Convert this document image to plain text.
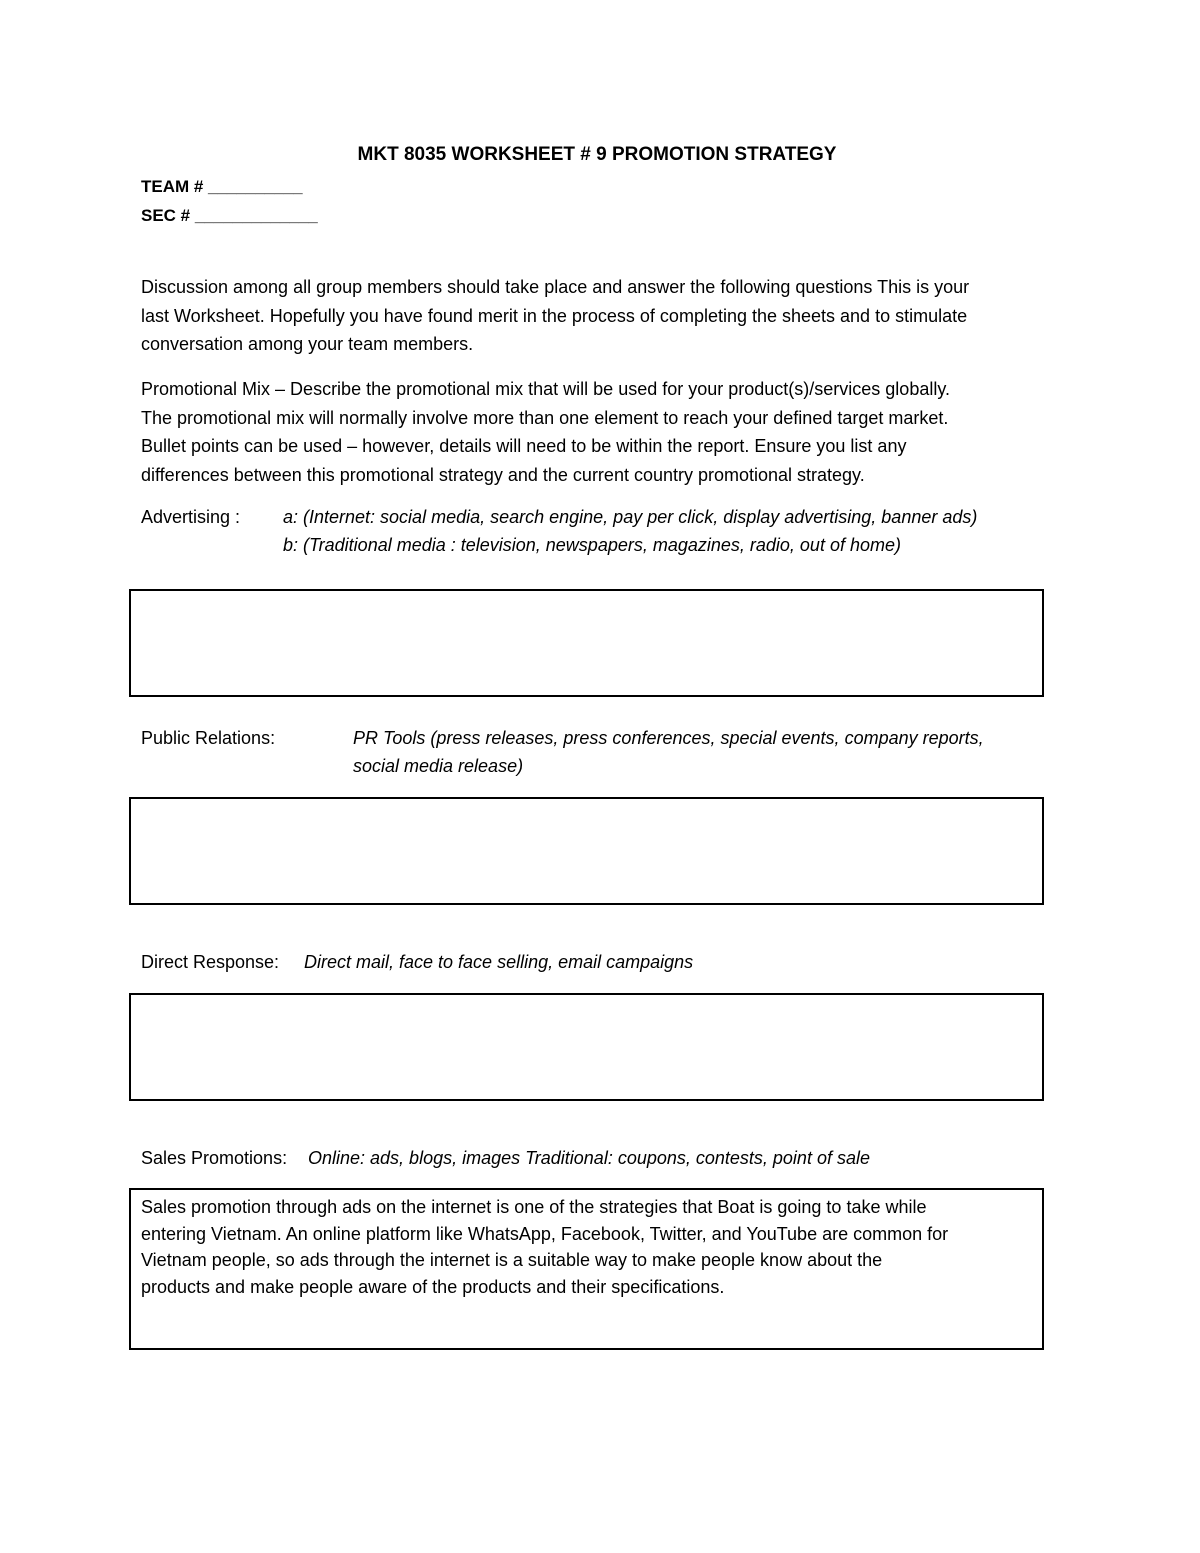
MKT 8035 WORKSHEET # 9 PROMOTION STRATEGY
TEAM # __________
SEC # _____________
Discussion among all group members should take place and answer the following questions This is your
last Worksheet. Hopefully you have found merit in the process of completing the sheets and to stimulate
conversation among your team members.
Promotional Mix – Describe the promotional mix that will be used for your product(s)/services globally.
The promotional mix will normally involve more than one element to reach your defined target market.
Bullet points can be used – however, details will need to be within the report. Ensure you list any
differences between this promotional strategy and the current country promotional strategy.
Advertising : a: (Internet: social media, search engine, pay per click, display advertising, banner ads)
b: (Traditional media : television, newspapers, magazines, radio, out of home)
Public Relations:	PR Tools (press releases, press conferences, special events, company reports,
social media release)
Direct Response: Direct mail, face to face selling, email campaigns
Sales Promotions: Online: ads, blogs, images Traditional: coupons, contests, point of sale
Sales promotion through ads on the internet is one of the strategies that Boat is going to take while
entering Vietnam. An online platform like WhatsApp, Facebook, Twitter, and YouTube are common for
Vietnam people, so ads through the internet is a suitable way to make people know about the
products and make people aware of the products and their specifications.
